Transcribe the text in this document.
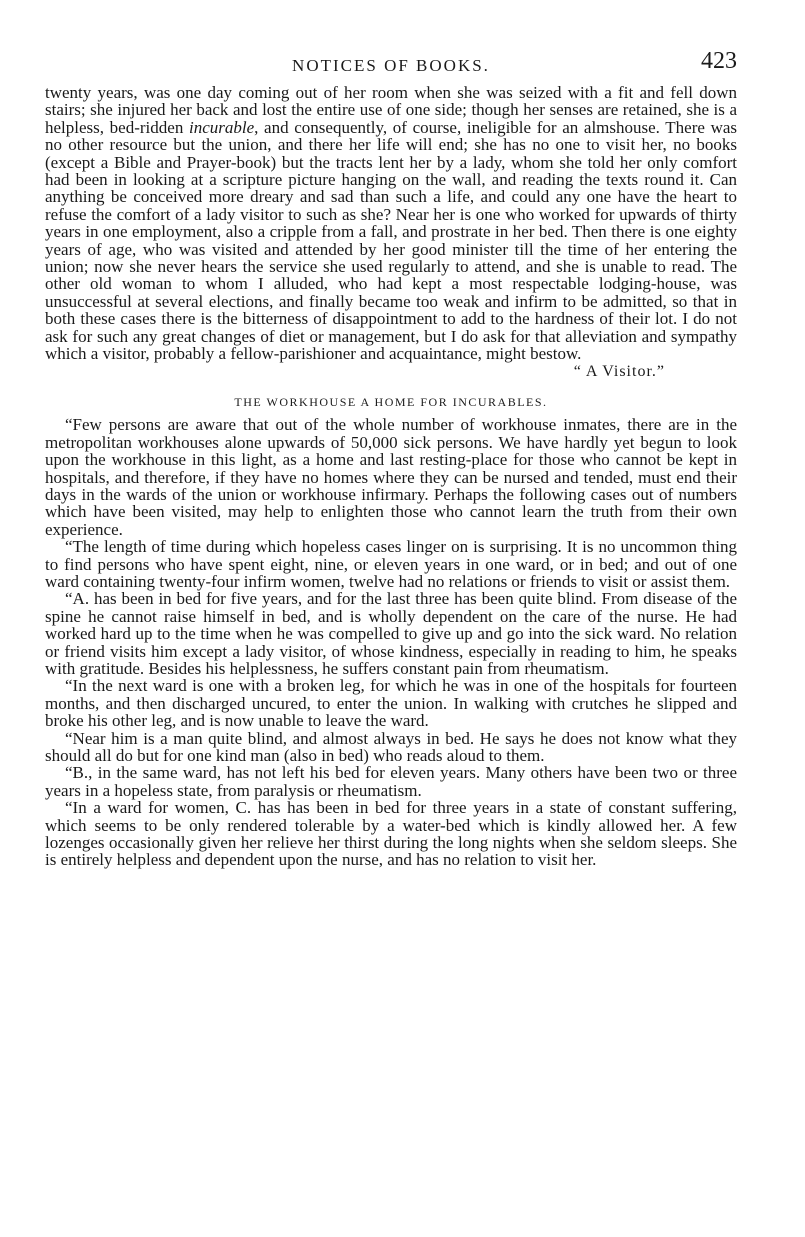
NOTICES OF BOOKS.	423

twenty years, was one day coming out of her room when she was seized with a fit and fell down stairs; she injured her back and lost the entire use of one side; though her senses are retained, she is a helpless, bed-ridden incurable, and consequently, of course, ineligible for an almshouse. There was no other resource but the union, and there her life will end; she has no one to visit her, no books (except a Bible and Prayer-book) but the tracts lent her by a lady, whom she told her only comfort had been in looking at a scripture picture hanging on the wall, and reading the texts round it. Can anything be conceived more dreary and sad than such a life, and could any one have the heart to refuse the comfort of a lady visitor to such as she? Near her is one who worked for upwards of thirty years in one employment, also a cripple from a fall, and prostrate in her bed. Then there is one eighty years of age, who was visited and attended by her good minister till the time of her entering the union; now she never hears the service she used regularly to attend, and she is unable to read. The other old woman to whom I alluded, who had kept a most respectable lodging-house, was unsuccessful at several elections, and finally became too weak and infirm to be admitted, so that in both these cases there is the bitterness of disappointment to add to the hardness of their lot. I do not ask for such any great changes of diet or management, but I do ask for that alleviation and sympathy which a visitor, probably a fellow-parishioner and acquaintance, might bestow.

“ A Visitor.”

THE WORKHOUSE A HOME FOR INCURABLES.

“Few persons are aware that out of the whole number of workhouse inmates, there are in the metropolitan workhouses alone upwards of 50,000 sick persons. We have hardly yet begun to look upon the workhouse in this light, as a home and last resting-place for those who cannot be kept in hospitals, and therefore, if they have no homes where they can be nursed and tended, must end their days in the wards of the union or workhouse infirmary. Perhaps the following cases out of numbers which have been visited, may help to enlighten those who cannot learn the truth from their own experience.

“The length of time during which hopeless cases linger on is surprising. It is no uncommon thing to find persons who have spent eight, nine, or eleven years in one ward, or in bed; and out of one ward containing twenty-four infirm women, twelve had no relations or friends to visit or assist them.

“A. has been in bed for five years, and for the last three has been quite blind. From disease of the spine he cannot raise himself in bed, and is wholly dependent on the care of the nurse. He had worked hard up to the time when he was compelled to give up and go into the sick ward. No relation or friend visits him except a lady visitor, of whose kindness, especially in reading to him, he speaks with gratitude. Besides his helplessness, he suffers constant pain from rheumatism.

“In the next ward is one with a broken leg, for which he was in one of the hospitals for fourteen months, and then discharged uncured, to enter the union. In walking with crutches he slipped and broke his other leg, and is now unable to leave the ward.

“Near him is a man quite blind, and almost always in bed. He says he does not know what they should all do but for one kind man (also in bed) who reads aloud to them.

“B., in the same ward, has not left his bed for eleven years. Many others have been two or three years in a hopeless state, from paralysis or rheumatism.

“In a ward for women, C. has has been in bed for three years in a state of constant suffering, which seems to be only rendered tolerable by a water-bed which is kindly allowed her. A few lozenges occasionally given her relieve her thirst during the long nights when she seldom sleeps. She is entirely helpless and dependent upon the nurse, and has no relation to visit her.
